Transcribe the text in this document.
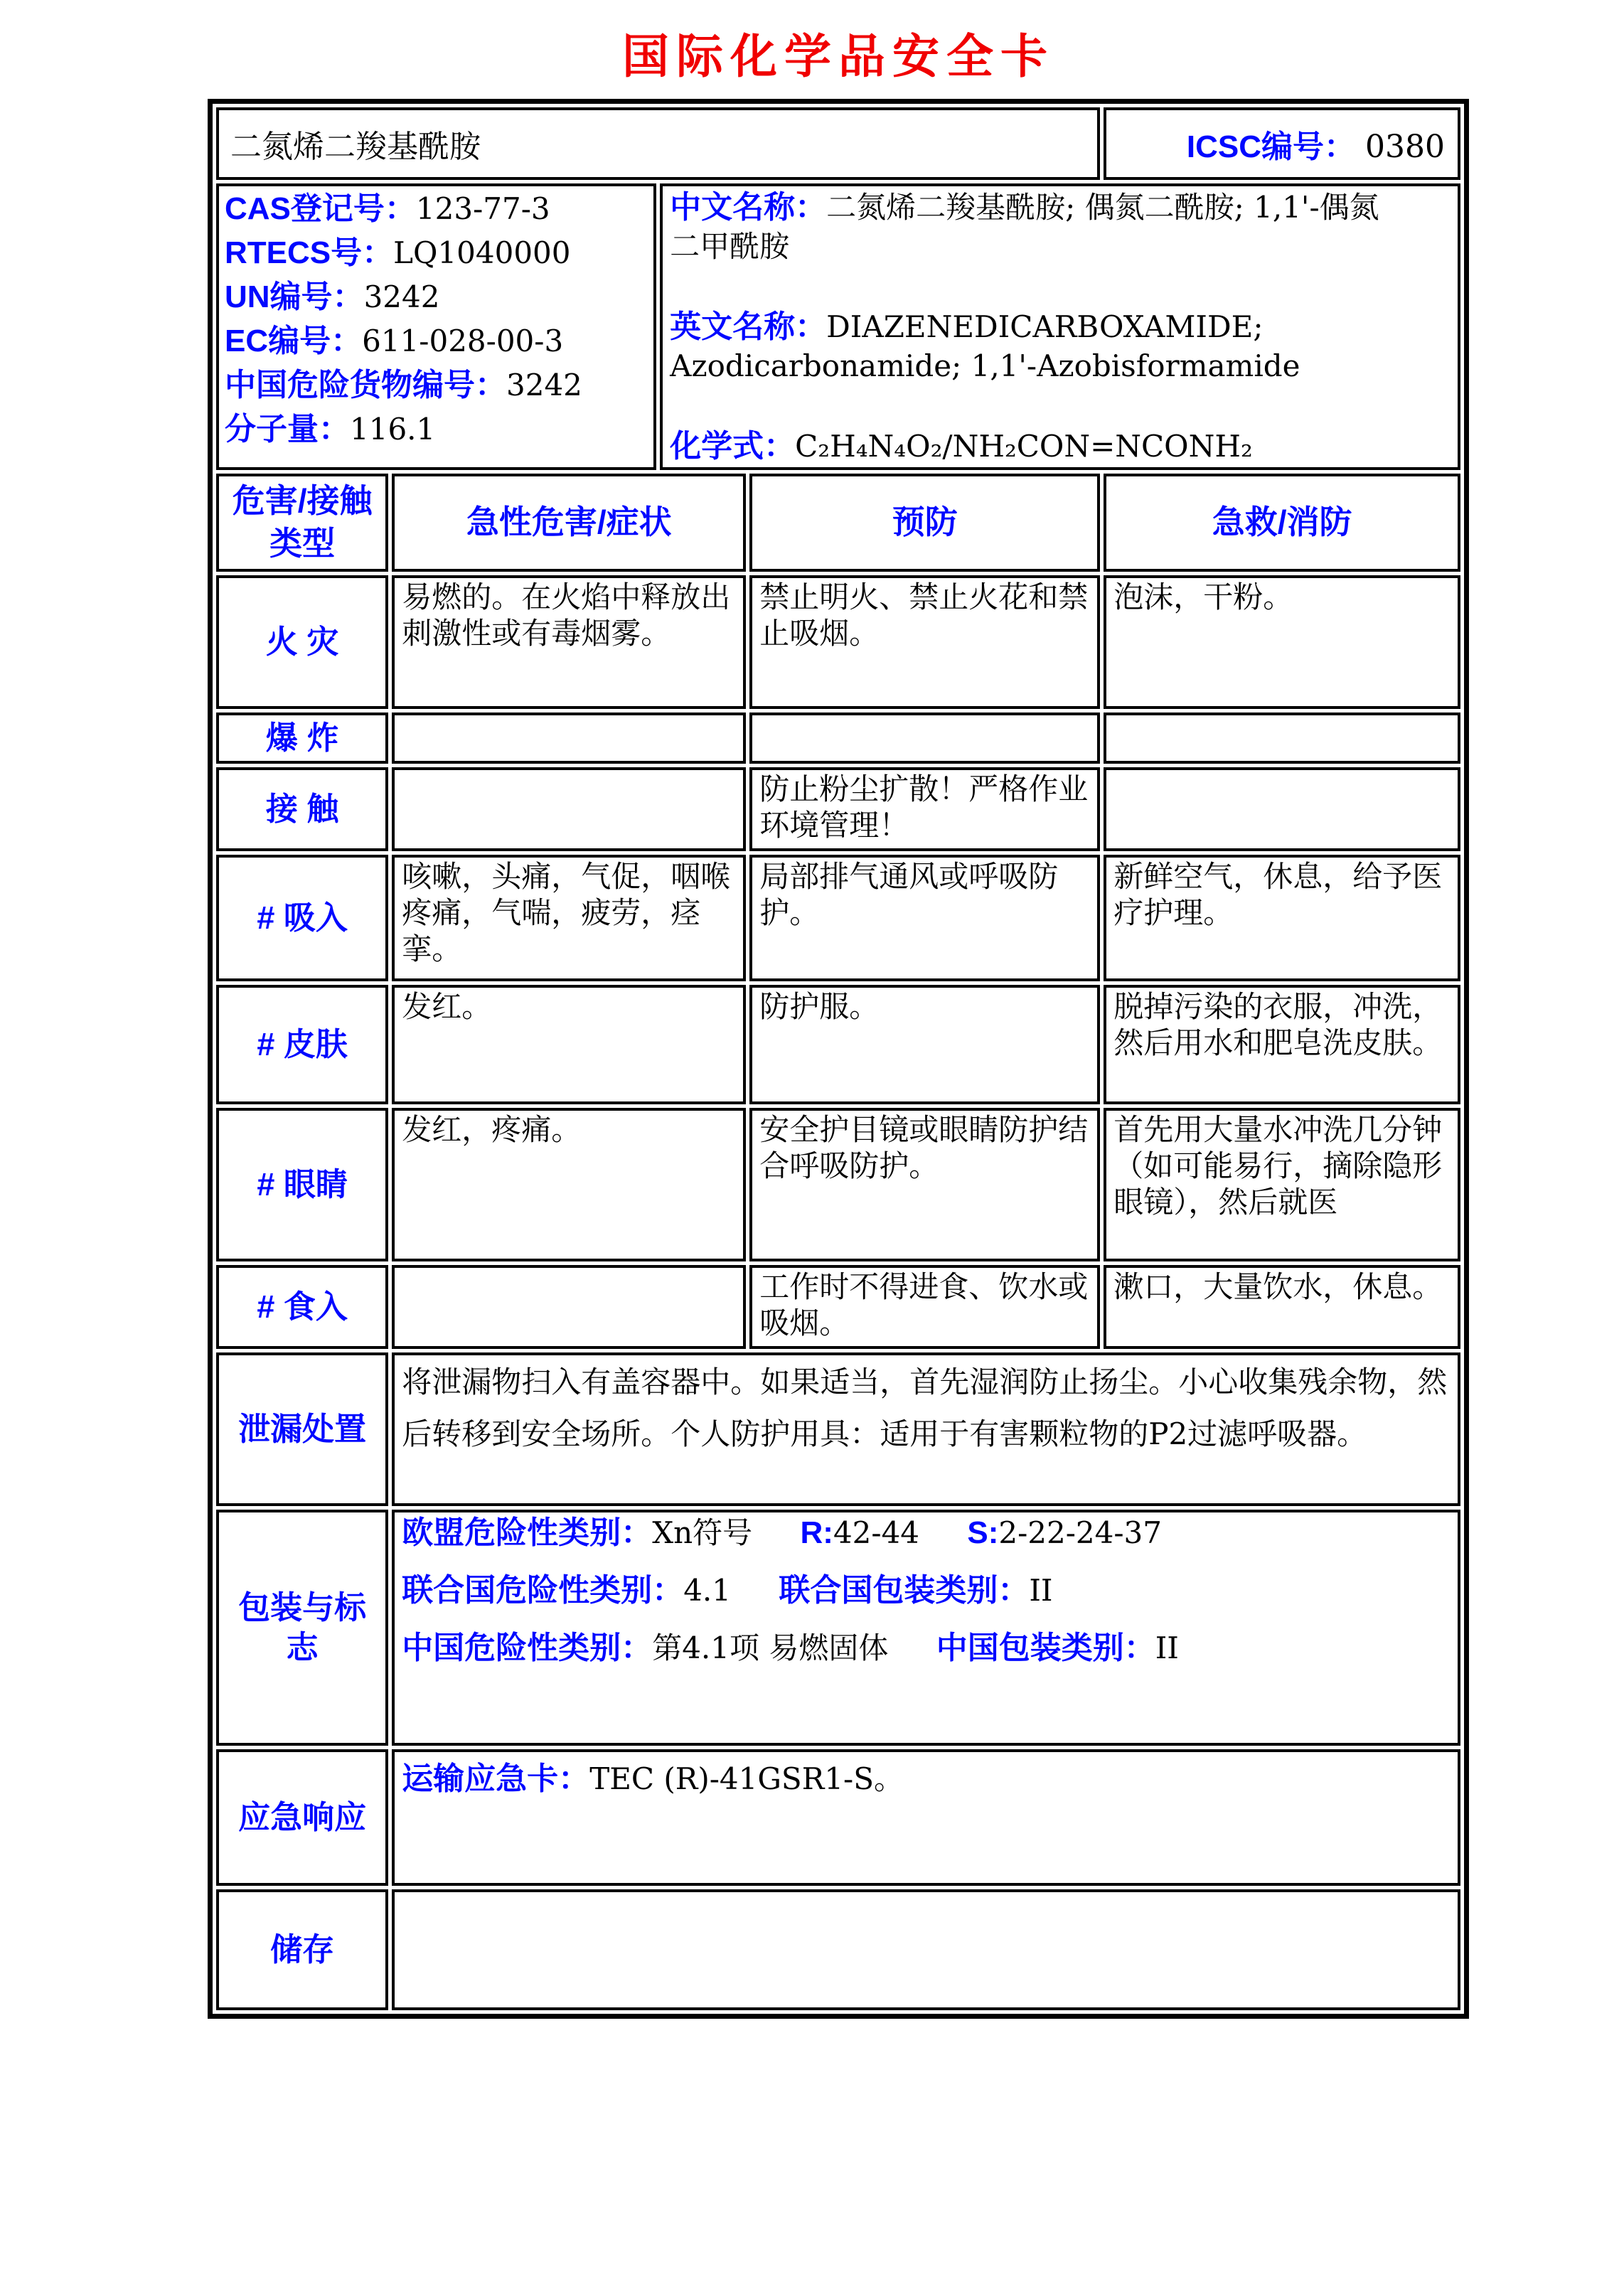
国际化学品安全卡
二氮烯二羧基酰胺				ICSC编号： 0380

CAS登记号：123-77-3
RTECS号：LQ1040000
UN编号：3242
EC编号：611-028-00-3
中国危险货物编号：3242
分子量：116.1

中文名称：二氮烯二羧基酰胺; 偶氮二酰胺; 1,1'-偶氮二甲酰胺

英文名称：DIAZENEDICARBOXAMIDE; Azodicarbonamide; 1,1'-Azobisformamide

化学式：C₂H₄N₄O₂/NH₂CON=NCONH₂

危害/接触类型	急性危害/症状		预防	急救/消防
火 灾	易燃的。在火焰中释放出刺激性或有毒烟雾。		禁止明火、禁止火花和禁止吸烟。	泡沫，干粉。
爆 炸				
接 触			防止粉尘扩散！严格作业环境管理！	
# 吸入	咳嗽，头痛，气促，咽喉疼痛，气喘，疲劳，痉挛。		局部排气通风或呼吸防护。	新鲜空气，休息，给予医疗护理。
# 皮肤	发红。		防护服。	脱掉污染的衣服，冲洗，然后用水和肥皂洗皮肤。
# 眼睛	发红，疼痛。		安全护目镜或眼睛防护结合呼吸防护。	首先用大量水冲洗几分钟（如可能易行，摘除隐形眼镜），然后就医
# 食入			工作时不得进食、饮水或吸烟。	漱口，大量饮水，休息。
泄漏处置	将泄漏物扫入有盖容器中。如果适当，首先湿润防止扬尘。小心收集残余物，然后转移到安全场所。个人防护用具：适用于有害颗粒物的P2过滤呼吸器。			
包装与标志	欧盟危险性类别：Xn符号 R:42-44 S:2-22-24-37
联合国危险性类别：4.1 联合国包装类别：II
中国危险性类别：第4.1项 易燃固体 中国包装类别：II			

应急响应	运输应急卡：TEC (R)-41GSR1-S。			

储存				
